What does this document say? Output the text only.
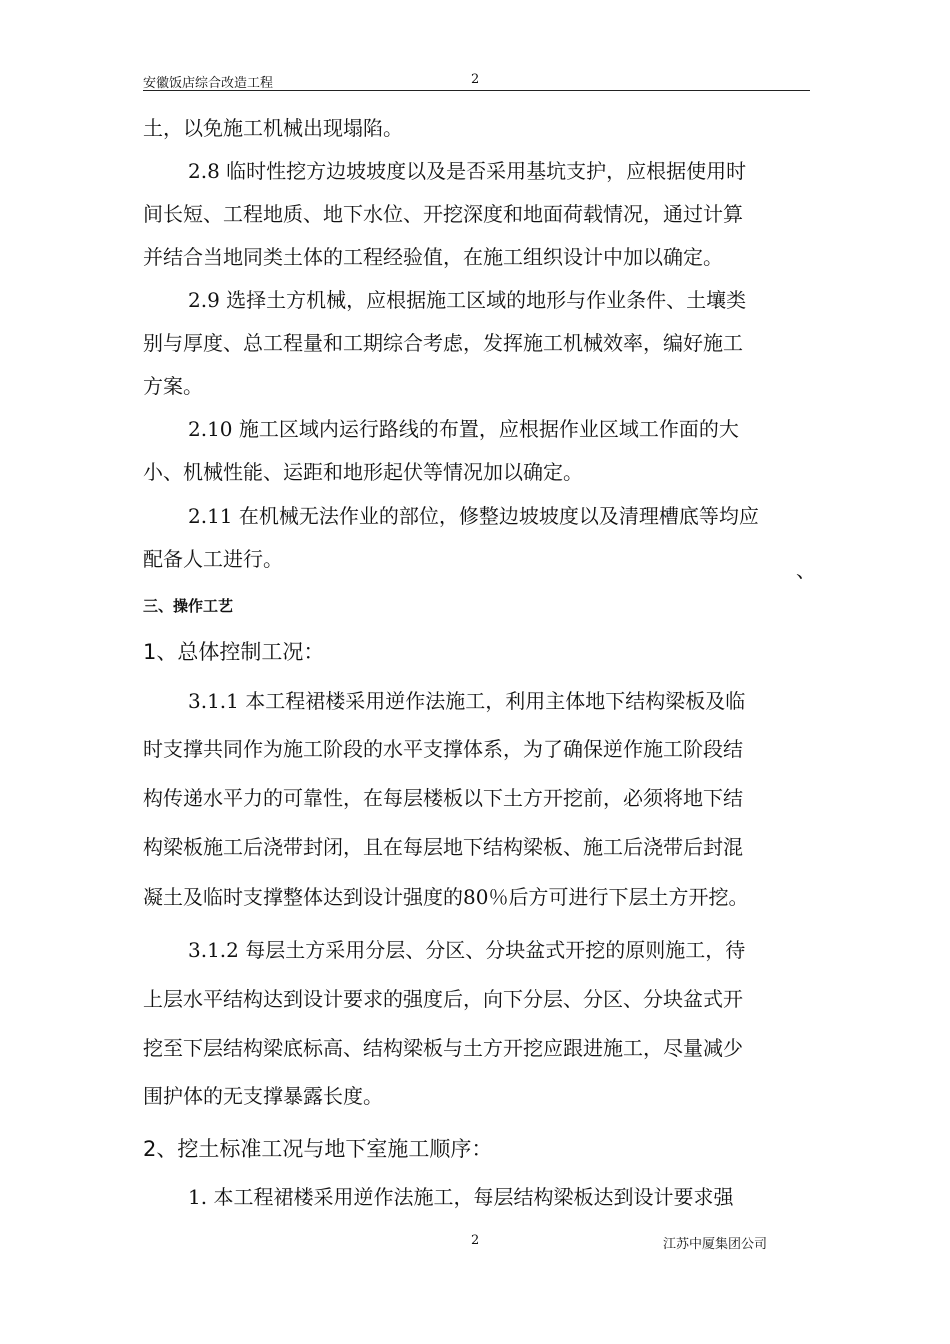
安徽饭店综合改造工程	2
土，以免施工机械出现塌陷。
2.8 临时性挖方边坡坡度以及是否采用基坑支护，应根据使用时
间长短、工程地质、地下水位、开挖深度和地面荷载情况，通过计算
并结合当地同类土体的工程经验值，在施工组织设计中加以确定。
2.9 选择土方机械，应根据施工区域的地形与作业条件、土壤类
别与厚度、总工程量和工期综合考虑，发挥施工机械效率，编好施工
方案。
2.10 施工区域内运行路线的布置，应根据作业区域工作面的大
小、机械性能、运距和地形起伏等情况加以确定。
2.11 在机械无法作业的部位，修整边坡坡度以及清理槽底等均应
配备人工进行。	、
三、操作工艺
1、总体控制工况：
3.1.1 本工程裙楼采用逆作法施工，利用主体地下结构梁板及临
时支撑共同作为施工阶段的水平支撑体系，为了确保逆作施工阶段结
构传递水平力的可靠性，在每层楼板以下土方开挖前，必须将地下结
构梁板施工后浇带封闭，且在每层地下结构梁板、施工后浇带后封混
凝土及临时支撑整体达到设计强度的80％后方可进行下层土方开挖。
3.1.2 每层土方采用分层、分区、分块盆式开挖的原则施工，待
上层水平结构达到设计要求的强度后，向下分层、分区、分块盆式开
挖至下层结构梁底标高、结构梁板与土方开挖应跟进施工，尽量减少
围护体的无支撑暴露长度。
2、挖土标准工况与地下室施工顺序：
1. 本工程裙楼采用逆作法施工，每层结构梁板达到设计要求强
2	江苏中厦集团公司
